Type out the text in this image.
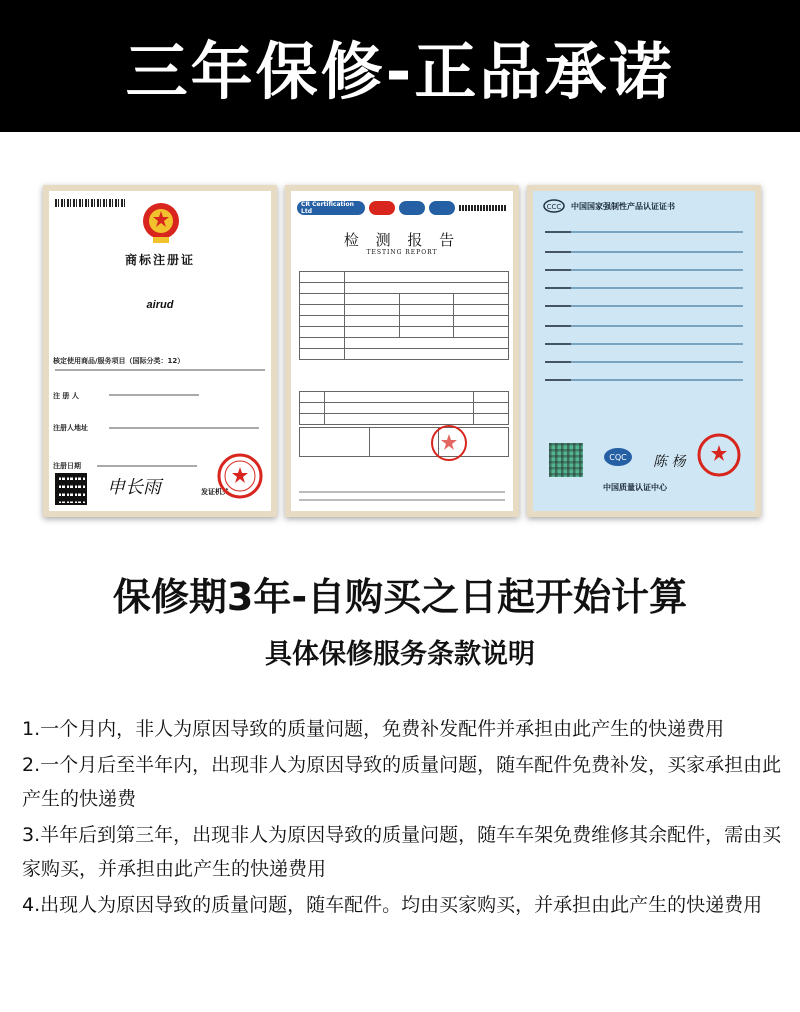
三年保修-正品承诺
商标注册证
airud
核定使用商品/服务项目（国际分类：12）
注 册 人
注册人地址
注册日期
申长雨	发证机关
CR Certification Ltd
检 测 报 告
TESTING REPORT

CCC 中国国家强制性产品认证证书
CQC 陈 杨
中国质量认证中心
保修期3年-自购买之日起开始计算
具体保修服务条款说明

1.一个月内，非人为原因导致的质量问题，免费补发配件并承担由此产生的快递费用

2.一个月后至半年内，出现非人为原因导致的质量问题，随车配件免费补发，买家承担由此产生的快递费

3.半年后到第三年，出现非人为原因导致的质量问题，随车车架免费维修其余配件，需由买家购买，并承担由此产生的快递费用

4.出现人为原因导致的质量问题，随车配件。均由买家购买，并承担由此产生的快递费用
